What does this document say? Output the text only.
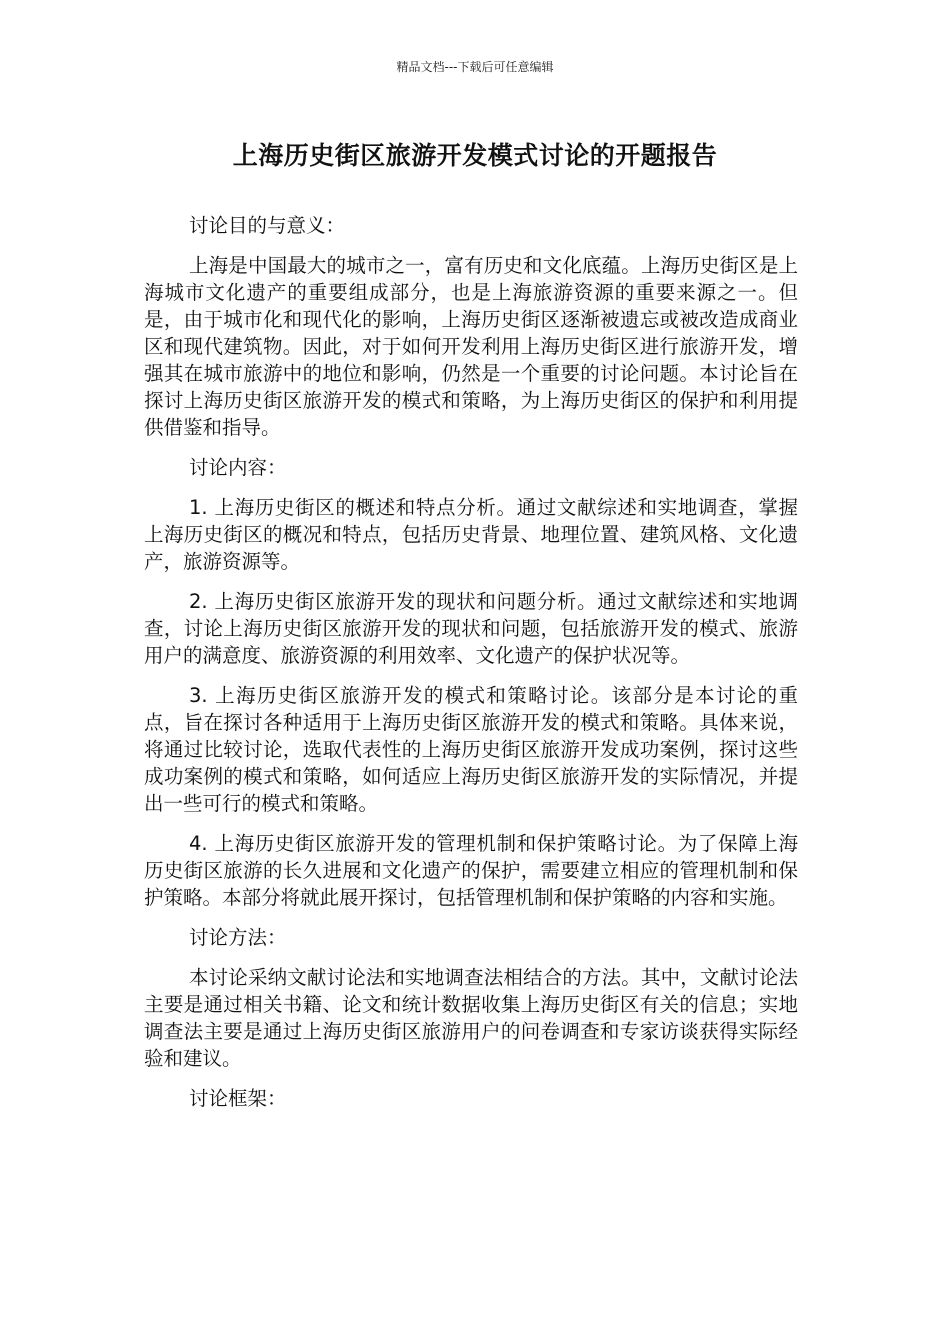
精品文档---下载后可任意编辑
上海历史街区旅游开发模式讨论的开题报告

讨论目的与意义：

上海是中国最大的城市之一，富有历史和文化底蕴。上海历史街区是上海城市文化遗产的重要组成部分，也是上海旅游资源的重要来源之一。但是，由于城市化和现代化的影响，上海历史街区逐渐被遗忘或被改造成商业区和现代建筑物。因此，对于如何开发利用上海历史街区进行旅游开发，增强其在城市旅游中的地位和影响，仍然是一个重要的讨论问题。本讨论旨在探讨上海历史街区旅游开发的模式和策略，为上海历史街区的保护和利用提供借鉴和指导。

讨论内容：

1. 上海历史街区的概述和特点分析。通过文献综述和实地调查，掌握上海历史街区的概况和特点，包括历史背景、地理位置、建筑风格、文化遗产，旅游资源等。

2. 上海历史街区旅游开发的现状和问题分析。通过文献综述和实地调查，讨论上海历史街区旅游开发的现状和问题，包括旅游开发的模式、旅游用户的满意度、旅游资源的利用效率、文化遗产的保护状况等。

3. 上海历史街区旅游开发的模式和策略讨论。该部分是本讨论的重点，旨在探讨各种适用于上海历史街区旅游开发的模式和策略。具体来说，将通过比较讨论，选取代表性的上海历史街区旅游开发成功案例，探讨这些成功案例的模式和策略，如何适应上海历史街区旅游开发的实际情况，并提出一些可行的模式和策略。

4. 上海历史街区旅游开发的管理机制和保护策略讨论。为了保障上海历史街区旅游的长久进展和文化遗产的保护，需要建立相应的管理机制和保护策略。本部分将就此展开探讨，包括管理机制和保护策略的内容和实施。

讨论方法：

本讨论采纳文献讨论法和实地调查法相结合的方法。其中，文献讨论法主要是通过相关书籍、论文和统计数据收集上海历史街区有关的信息；实地调查法主要是通过上海历史街区旅游用户的问卷调查和专家访谈获得实际经验和建议。

讨论框架：
